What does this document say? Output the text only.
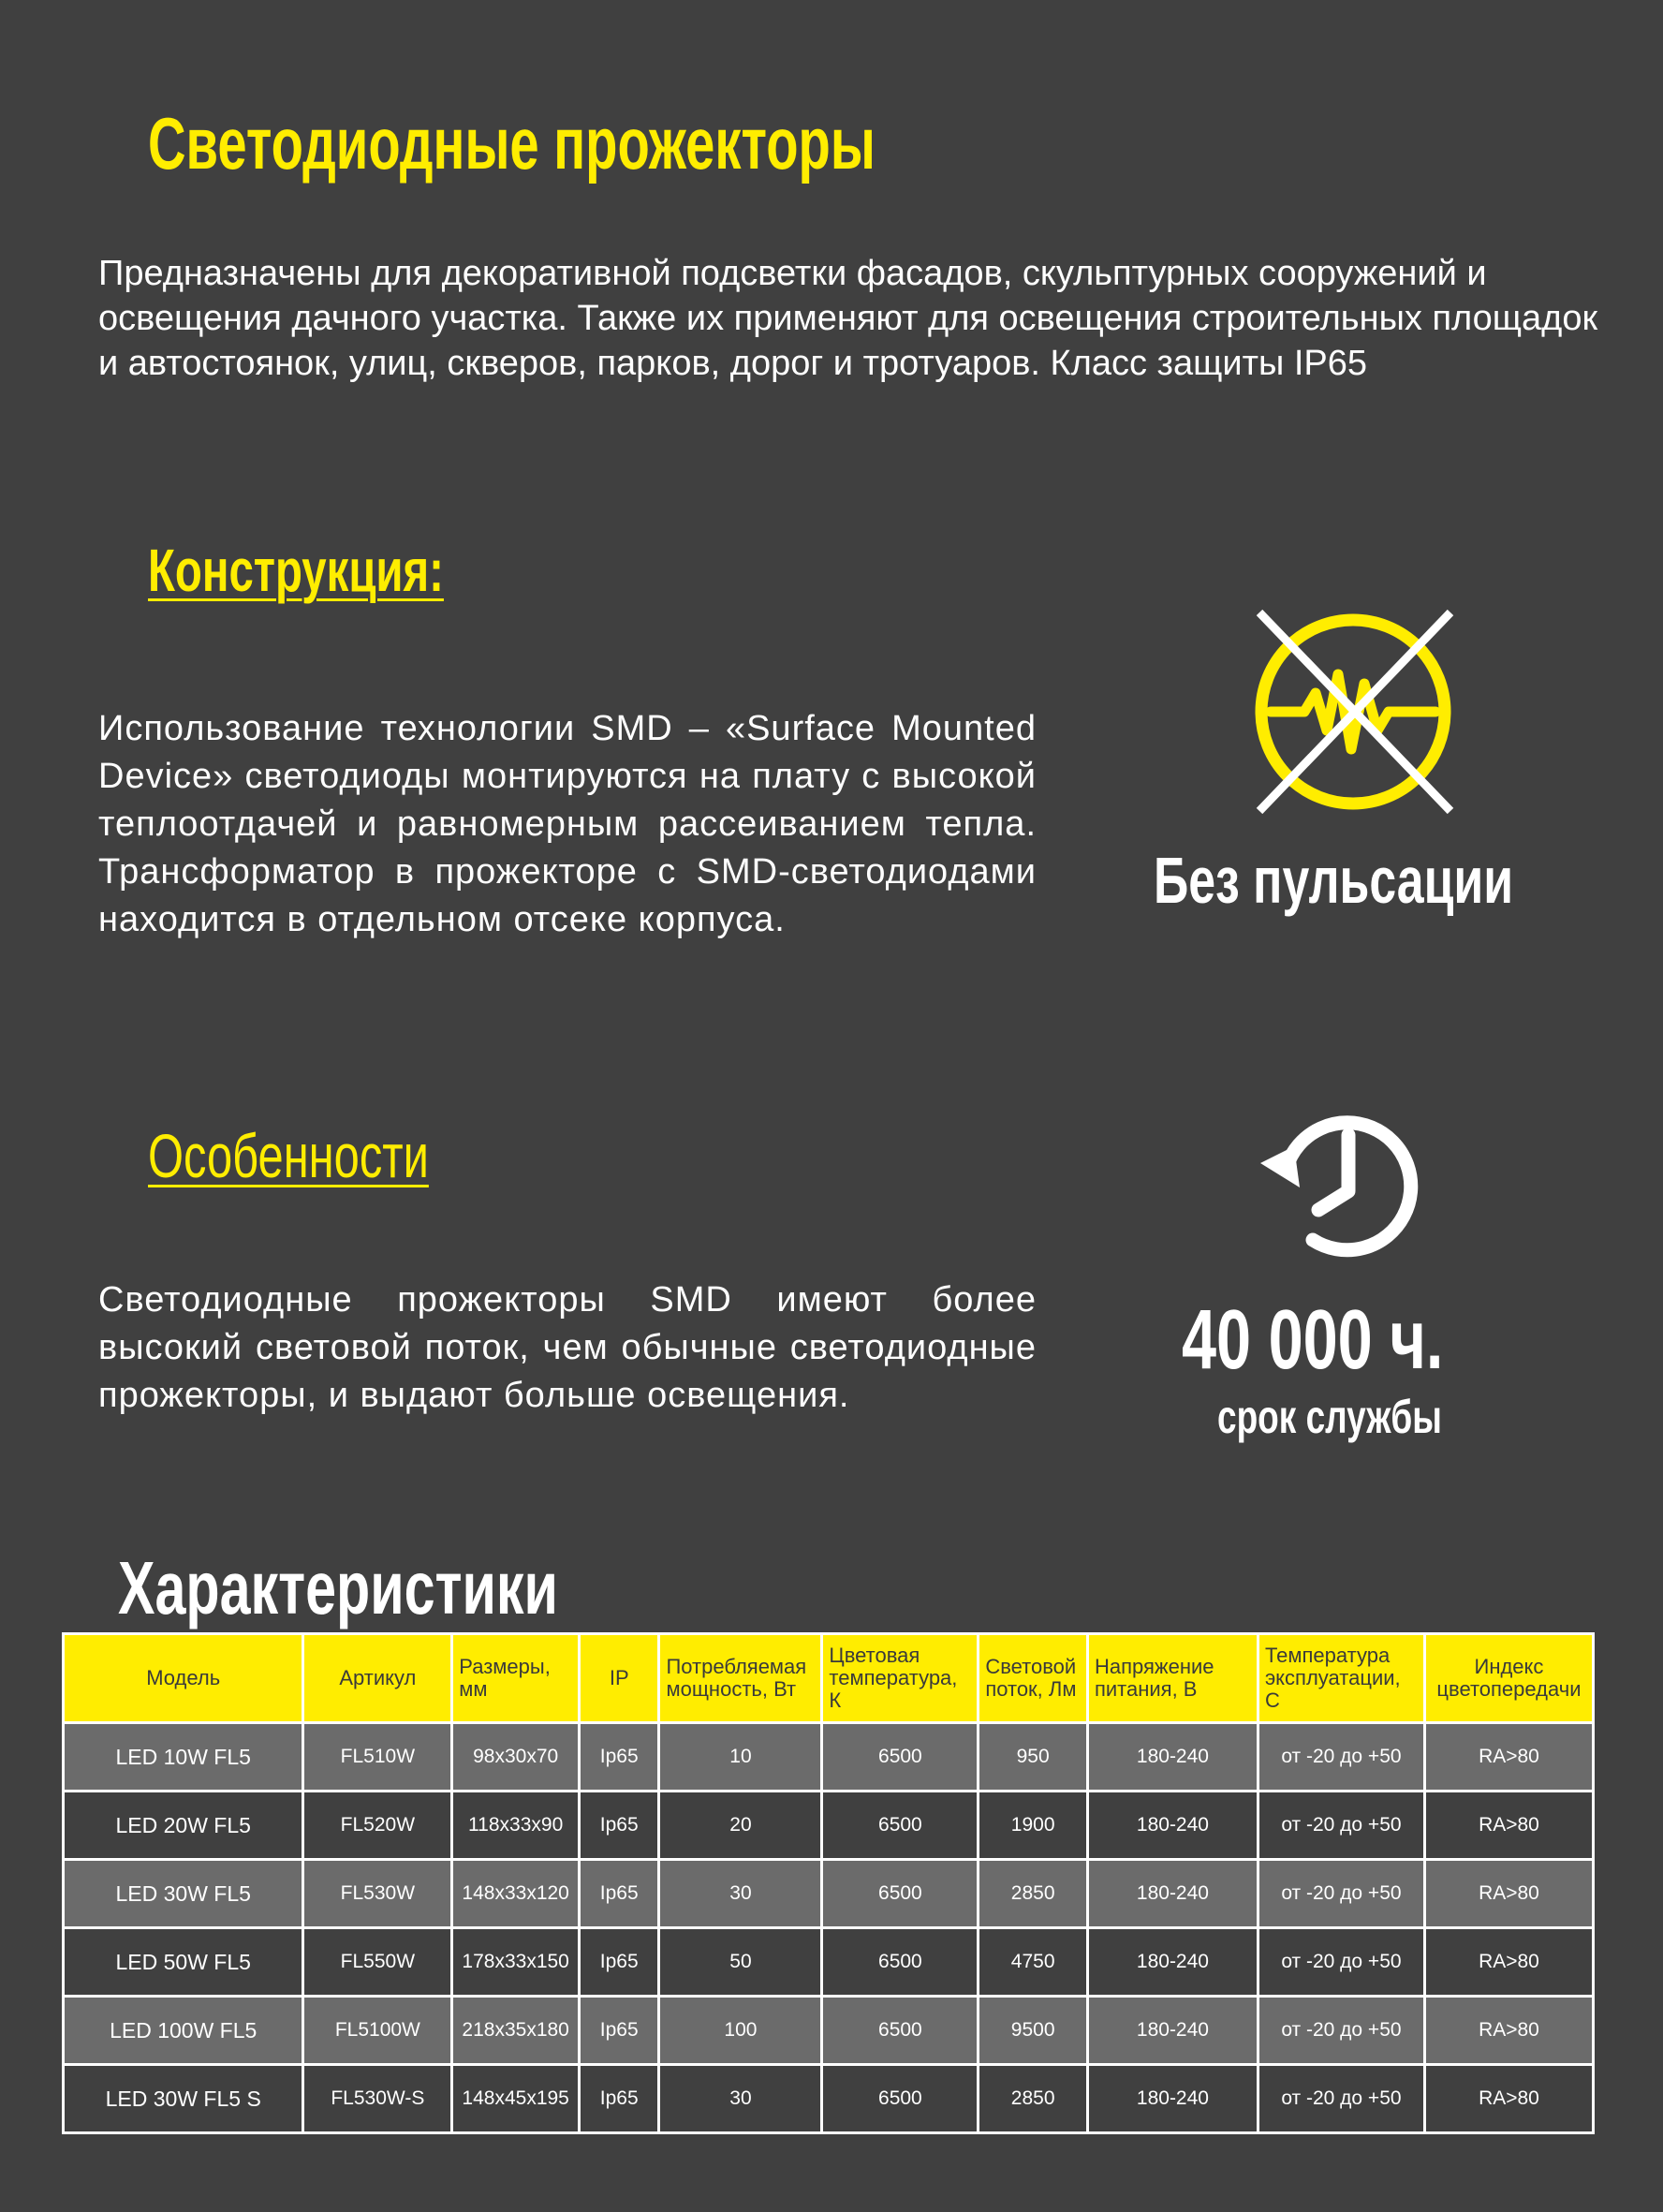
Светодиодные прожекторы
Предназначены для декоративной подсветки фасадов, скульптурных сооружений и освещения дачного участка. Также их применяют для освещения строительных площадок и автостоянок, улиц, скверов, парков, дорог и тротуаров. Класс защиты IP65
Конструкция:
Использование технологии SMD – «Surface Mounted Device» светодиоды монтируются на плату с высокой теплоотдачей и равномерным рассеиванием тепла. Трансформатор в прожекторе с SMD-светодиодами находится в отдельном отсеке корпуса.
Особенности
Светодиодные прожекторы SMD имеют более высокий световой поток, чем обычные светодиодные прожекторы, и выдают больше освещения.
Без пульсации
40 000 ч.
срок службы
Характеристики
Модель	Артикул	Размеры, мм	IP	Потребляемая мощность, Вт	Цветовая температура, К	Световой поток, Лм	Напряжение питания, В	Температура эксплуатации, С	Индекс цветопередачи
LED 10W FL5	FL510W	98x30x70	Ip65	10	6500	950	180-240	от -20 до +50	RA>80
LED 20W FL5	FL520W	118x33x90	Ip65	20	6500	1900	180-240	от -20 до +50	RA>80
LED 30W FL5	FL530W	148x33x120	Ip65	30	6500	2850	180-240	от -20 до +50	RA>80
LED 50W FL5	FL550W	178x33x150	Ip65	50	6500	4750	180-240	от -20 до +50	RA>80
LED 100W FL5	FL5100W	218x35x180	Ip65	100	6500	9500	180-240	от -20 до +50	RA>80
LED 30W FL5 S	FL530W-S	148x45x195	Ip65	30	6500	2850	180-240	от -20 до +50	RA>80
